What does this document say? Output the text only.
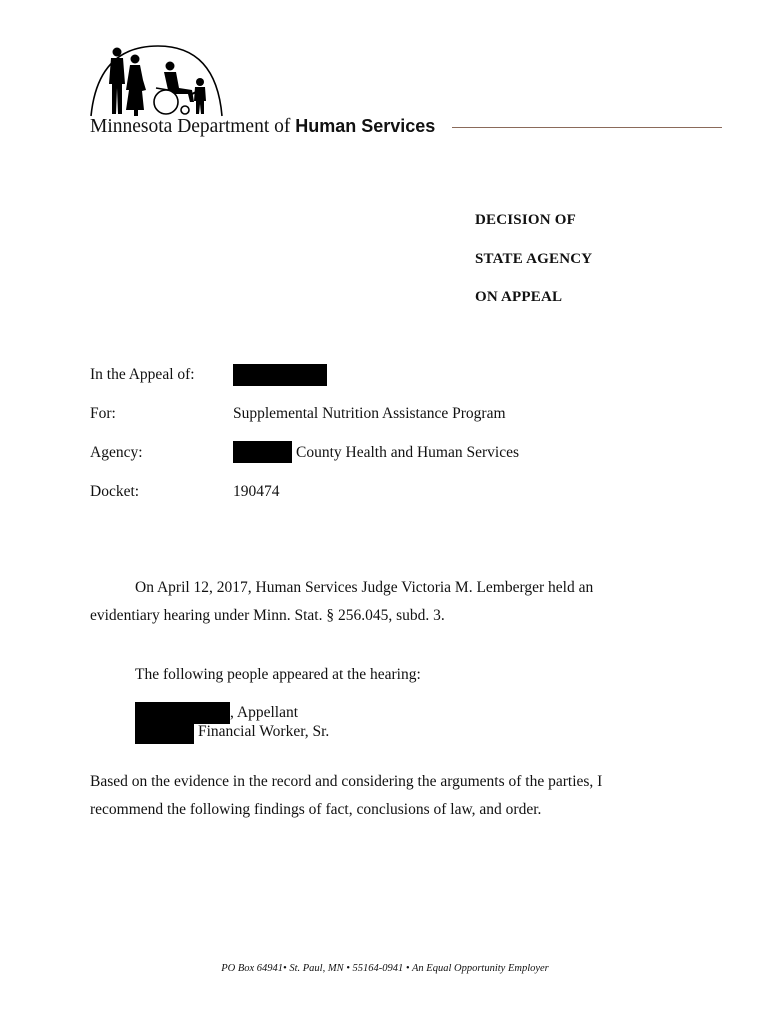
Minnesota Department of Human Services
DECISION OF
STATE AGENCY
ON APPEAL
In the Appeal of:
For:	Supplemental Nutrition Assistance Program
Agency:	County Health and Human Services
Docket:	190474
On April 12, 2017, Human Services Judge Victoria M. Lemberger held an
evidentiary hearing under Minn. Stat. § 256.045, subd. 3.
The following people appeared at the hearing:
, Appellant
Financial Worker, Sr.
Based on the evidence in the record and considering the arguments of the parties, I
recommend the following findings of fact, conclusions of law, and order.
PO Box 64941• St. Paul, MN • 55164-0941 • An Equal Opportunity Employer
